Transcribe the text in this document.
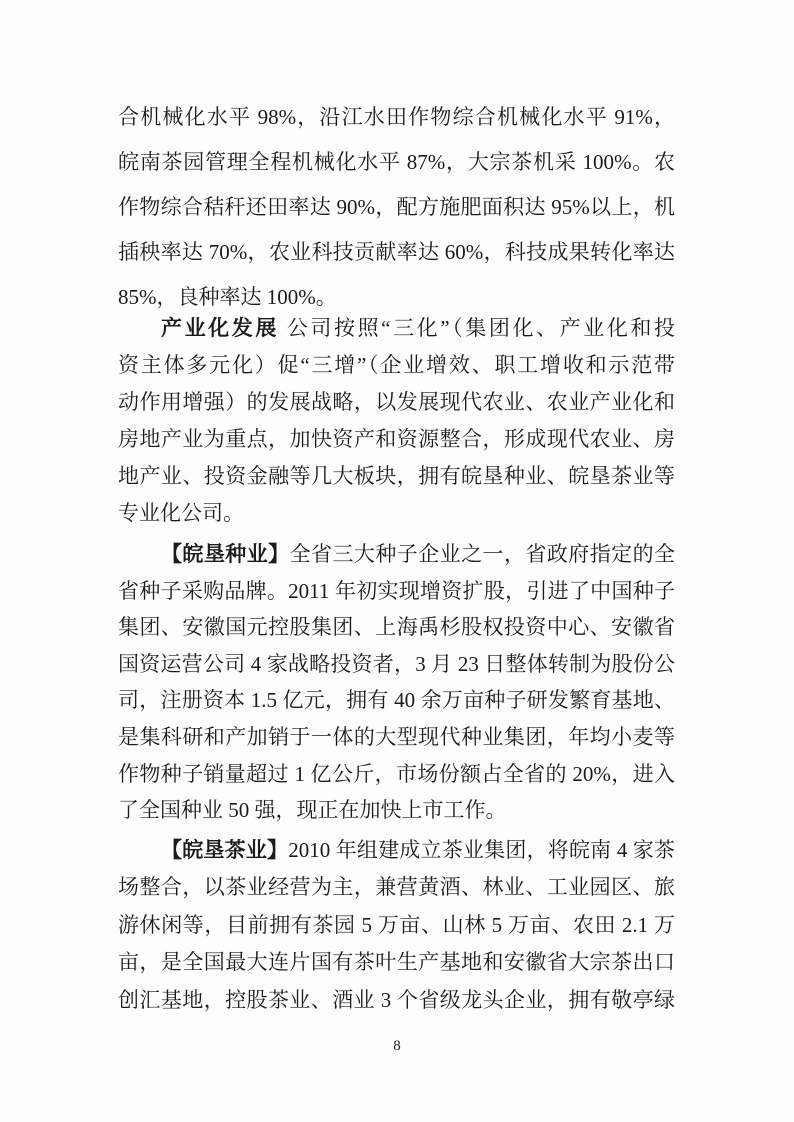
合机械化水平 98%，沿江水田作物综合机械化水平 91%，
皖南茶园管理全程机械化水平 87%，大宗茶机采 100%。农
作物综合秸秆还田率达 90%，配方施肥面积达 95%以上，机
插秧率达 70%，农业科技贡献率达 60%，科技成果转化率达
85%，良种率达 100%。
产业化发展 公司按照“三化”（集团化、产业化和投
资主体多元化）促“三增”（企业增效、职工增收和示范带
动作用增强）的发展战略，以发展现代农业、农业产业化和
房地产业为重点，加快资产和资源整合，形成现代农业、房
地产业、投资金融等几大板块，拥有皖垦种业、皖垦茶业等
专业化公司。
【皖垦种业】全省三大种子企业之一，省政府指定的全
省种子采购品牌。2011 年初实现增资扩股，引进了中国种子
集团、安徽国元控股集团、上海禹杉股权投资中心、安徽省
国资运营公司 4 家战略投资者，3 月 23 日整体转制为股份公
司，注册资本 1.5 亿元，拥有 40 余万亩种子研发繁育基地、
是集科研和产加销于一体的大型现代种业集团，年均小麦等
作物种子销量超过 1 亿公斤，市场份额占全省的 20%，进入
了全国种业 50 强，现正在加快上市工作。
【皖垦茶业】2010 年组建成立茶业集团，将皖南 4 家茶
场整合，以茶业经营为主，兼营黄酒、林业、工业园区、旅
游休闲等，目前拥有茶园 5 万亩、山林 5 万亩、农田 2.1 万
亩，是全国最大连片国有茶叶生产基地和安徽省大宗茶出口
创汇基地，控股茶业、酒业 3 个省级龙头企业，拥有敬亭绿
8
